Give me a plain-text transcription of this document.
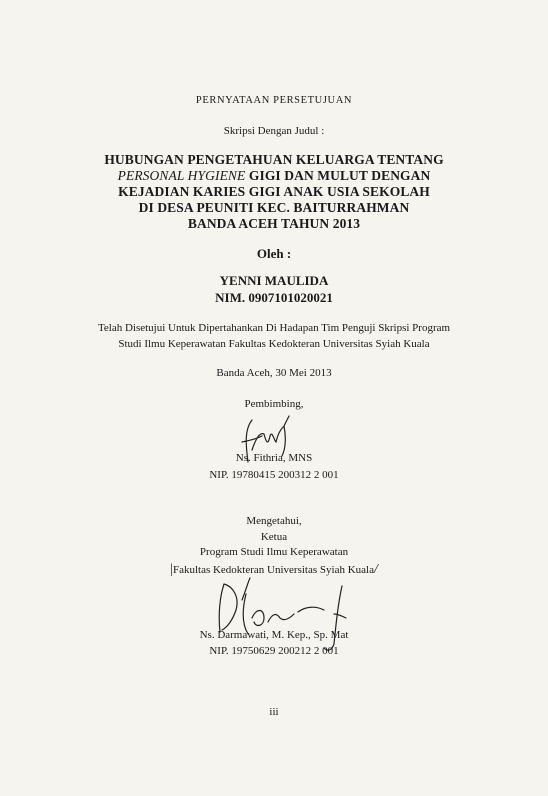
PERNYATAAN PERSETUJUAN
Skripsi Dengan Judul :
HUBUNGAN PENGETAHUAN KELUARGA TENTANG
PERSONAL HYGIENE GIGI DAN MULUT DENGAN
KEJADIAN KARIES GIGI ANAK USIA SEKOLAH
DI DESA PEUNITI KEC. BAITURRAHMAN
BANDA ACEH TAHUN 2013
Oleh :
YENNI MAULIDA
NIM. 0907101020021
Telah Disetujui Untuk Dipertahankan Di Hadapan Tim Penguji Skripsi Program
Studi Ilmu Keperawatan Fakultas Kedokteran Universitas Syiah Kuala
Banda Aceh, 30 Mei 2013
Pembimbing,
Ns. Fithria, MNS
NIP. 19780415 200312 2 001
Mengetahui,
Ketua
Program Studi Ilmu Keperawatan
|Fakultas Kedokteran Universitas Syiah Kuala/
Ns. Darmawati, M. Kep., Sp. Mat
NIP. 19750629 200212 2 001
iii
